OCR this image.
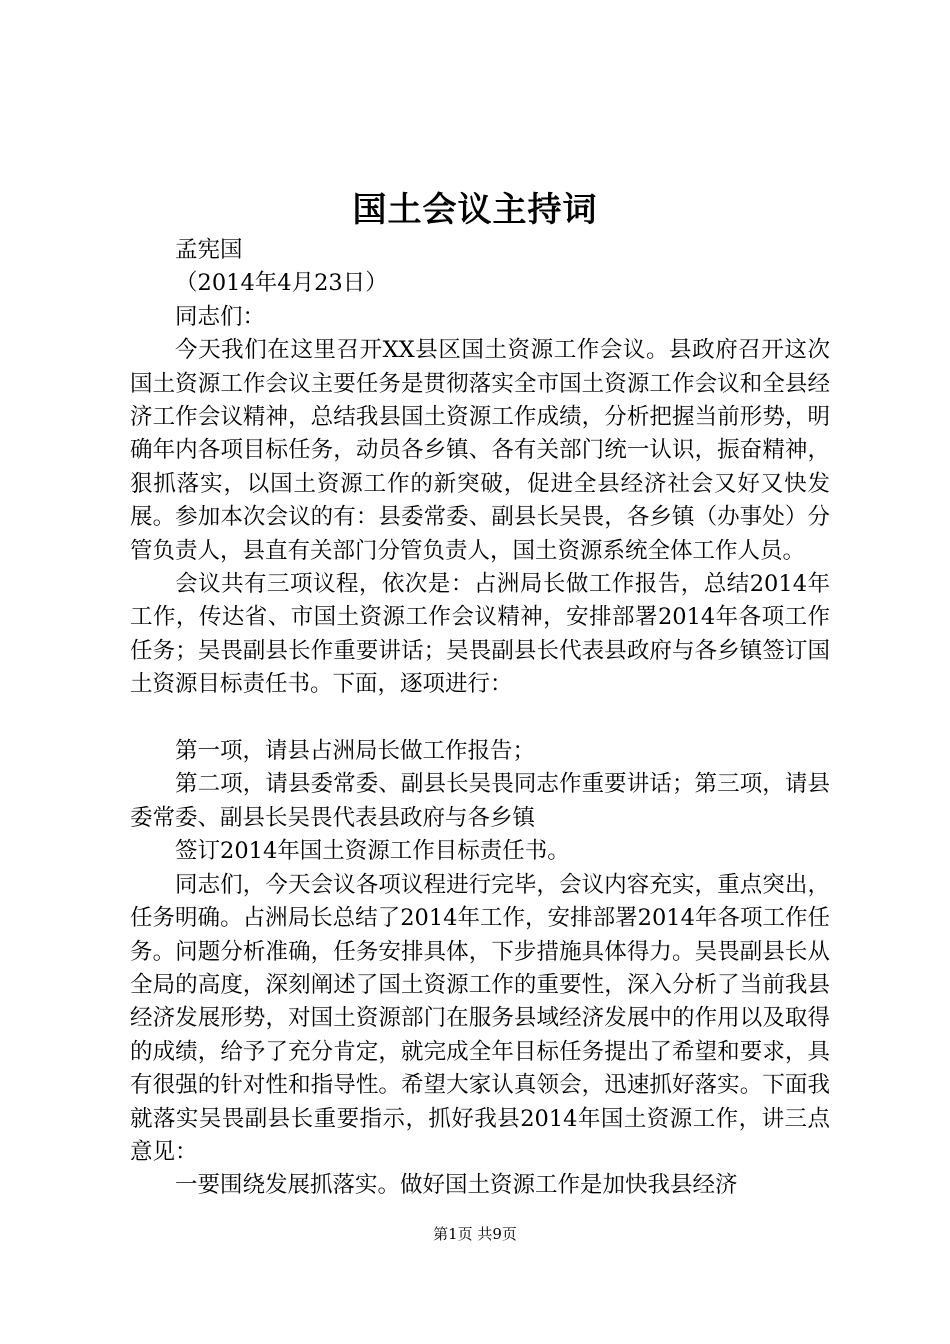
国土会议主持词

孟宪国

（2014年4月23日）

同志们：

今天我们在这里召开XX县区国土资源工作会议。县政府召开这次国土资源工作会议主要任务是贯彻落实全市国土资源工作会议和全县经济工作会议精神，总结我县国土资源工作成绩，分析把握当前形势，明确年内各项目标任务，动员各乡镇、各有关部门统一认识，振奋精神，狠抓落实，以国土资源工作的新突破，促进全县经济社会又好又快发展。参加本次会议的有：县委常委、副县长吴畏，各乡镇（办事处）分管负责人，县直有关部门分管负责人，国土资源系统全体工作人员。

会议共有三项议程，依次是：占洲局长做工作报告，总结2014年工作，传达省、市国土资源工作会议精神，安排部署2014年各项工作任务；吴畏副县长作重要讲话；吴畏副县长代表县政府与各乡镇签订国土资源目标责任书。下面，逐项进行：

第一项，请县占洲局长做工作报告；

第二项，请县委常委、副县长吴畏同志作重要讲话；第三项，请县委常委、副县长吴畏代表县政府与各乡镇

签订2014年国土资源工作目标责任书。

同志们，今天会议各项议程进行完毕，会议内容充实，重点突出，任务明确。占洲局长总结了2014年工作，安排部署2014年各项工作任务。问题分析准确，任务安排具体，下步措施具体得力。吴畏副县长从全局的高度，深刻阐述了国土资源工作的重要性，深入分析了当前我县经济发展形势，对国土资源部门在服务县域经济发展中的作用以及取得的成绩，给予了充分肯定，就完成全年目标任务提出了希望和要求，具有很强的针对性和指导性。希望大家认真领会，迅速抓好落实。下面我就落实吴畏副县长重要指示，抓好我县2014年国土资源工作，讲三点意见：

一要围绕发展抓落实。做好国土资源工作是加快我县经济

第1页 共9页
